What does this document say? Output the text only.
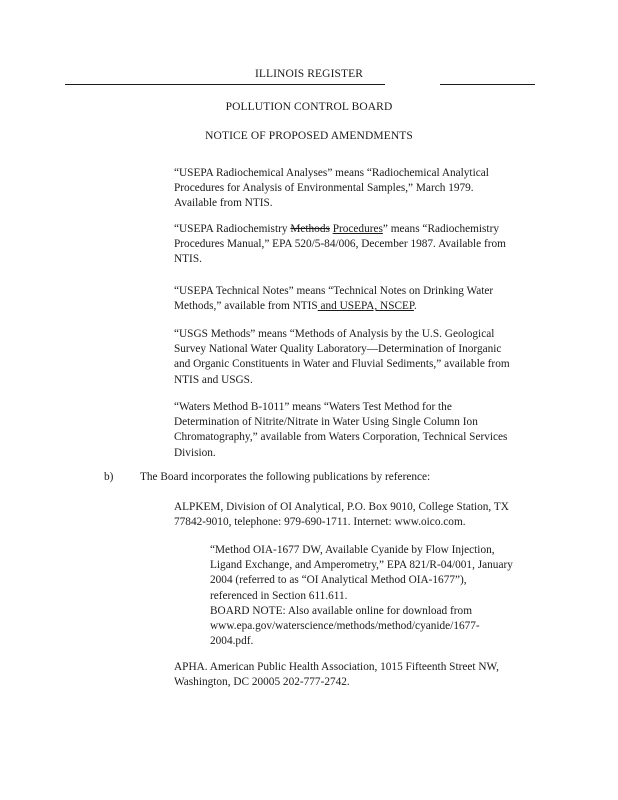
ILLINOIS REGISTER
POLLUTION CONTROL BOARD
NOTICE OF PROPOSED AMENDMENTS
“USEPA Radiochemical Analyses” means “Radiochemical Analytical
Procedures for Analysis of Environmental Samples,” March 1979.
Available from NTIS.
“USEPA Radiochemistry Methods Procedures” means “Radiochemistry
Procedures Manual,” EPA 520/5-84/006, December 1987. Available from
NTIS.
“USEPA Technical Notes” means “Technical Notes on Drinking Water
Methods,” available from NTIS and USEPA, NSCEP.
“USGS Methods” means “Methods of Analysis by the U.S. Geological
Survey National Water Quality Laboratory—Determination of Inorganic
and Organic Constituents in Water and Fluvial Sediments,” available from
NTIS and USGS.
“Waters Method B-1011” means “Waters Test Method for the
Determination of Nitrite/Nitrate in Water Using Single Column Ion
Chromatography,” available from Waters Corporation, Technical Services
Division.
b) The Board incorporates the following publications by reference:
ALPKEM, Division of OI Analytical, P.O. Box 9010, College Station, TX
77842-9010, telephone: 979-690-1711. Internet: www.oico.com.
“Method OIA-1677 DW, Available Cyanide by Flow Injection,
Ligand Exchange, and Amperometry,” EPA 821/R-04/001, January
2004 (referred to as “OI Analytical Method OIA-1677”),
referenced in Section 611.611.
BOARD NOTE: Also available online for download from
www.epa.gov/waterscience/methods/method/cyanide/1677-
2004.pdf.
APHA. American Public Health Association, 1015 Fifteenth Street NW,
Washington, DC 20005 202-777-2742.
